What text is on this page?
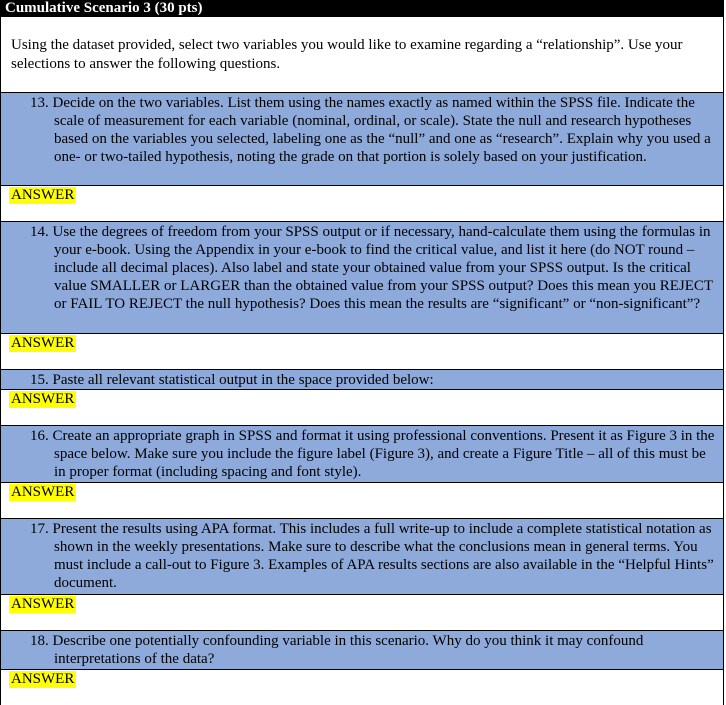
Cumulative Scenario 3 (30 pts)
Using the dataset provided, select two variables you would like to examine regarding a “relationship”. Use your selections to answer the following questions.
13. Decide on the two variables. List them using the names exactly as named within the SPSS file. Indicate the scale of measurement for each variable (nominal, ordinal, or scale). State the null and research hypotheses based on the variables you selected, labeling one as the “null” and one as “research”. Explain why you used a one- or two-tailed hypothesis, noting the grade on that portion is solely based on your justification.
ANSWER
14. Use the degrees of freedom from your SPSS output or if necessary, hand-calculate them using the formulas in your e-book. Using the Appendix in your e-book to find the critical value, and list it here (do NOT round – include all decimal places). Also label and state your obtained value from your SPSS output. Is the critical value SMALLER or LARGER than the obtained value from your SPSS output? Does this mean you REJECT or FAIL TO REJECT the null hypothesis? Does this mean the results are “significant” or “non-significant”?
ANSWER
15. Paste all relevant statistical output in the space provided below:
ANSWER
16. Create an appropriate graph in SPSS and format it using professional conventions. Present it as Figure 3 in the space below. Make sure you include the figure label (Figure 3), and create a Figure Title – all of this must be in proper format (including spacing and font style).
ANSWER
17. Present the results using APA format. This includes a full write-up to include a complete statistical notation as shown in the weekly presentations. Make sure to describe what the conclusions mean in general terms. You must include a call-out to Figure 3. Examples of APA results sections are also available in the “Helpful Hints” document.
ANSWER
18. Describe one potentially confounding variable in this scenario. Why do you think it may confound interpretations of the data?
ANSWER
